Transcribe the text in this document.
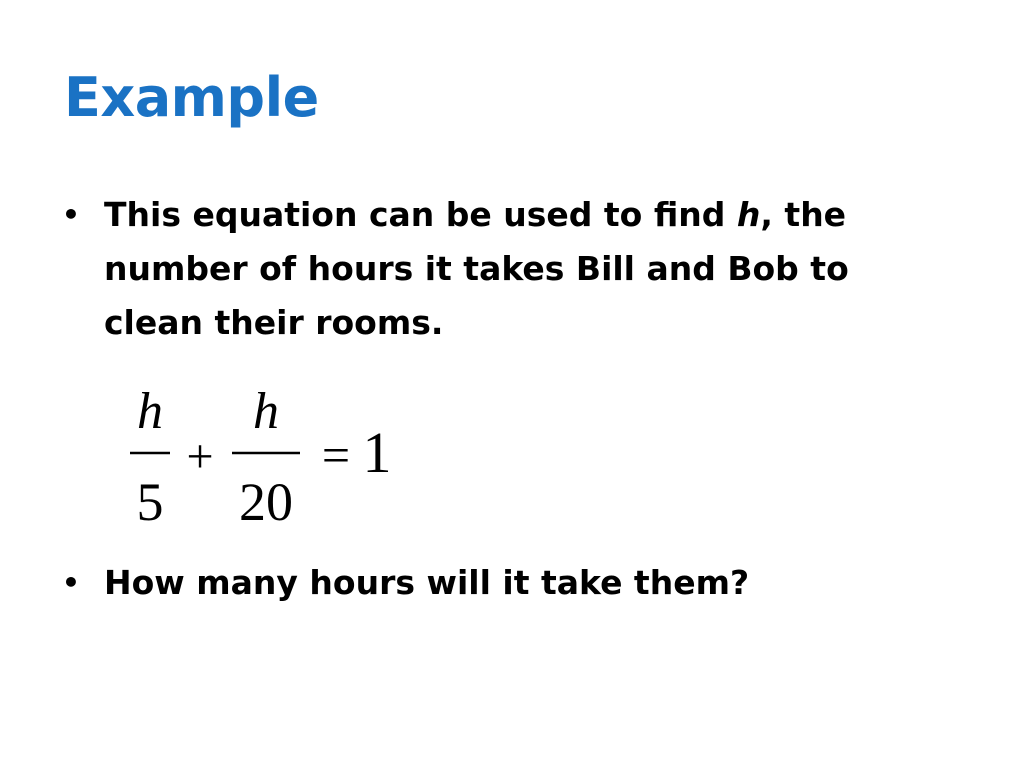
Example
• This equation can be used to find h, the number of hours it takes Bill and Bob to clean their rooms.
h
5
+
h
20
= 1
• How many hours will it take them?
